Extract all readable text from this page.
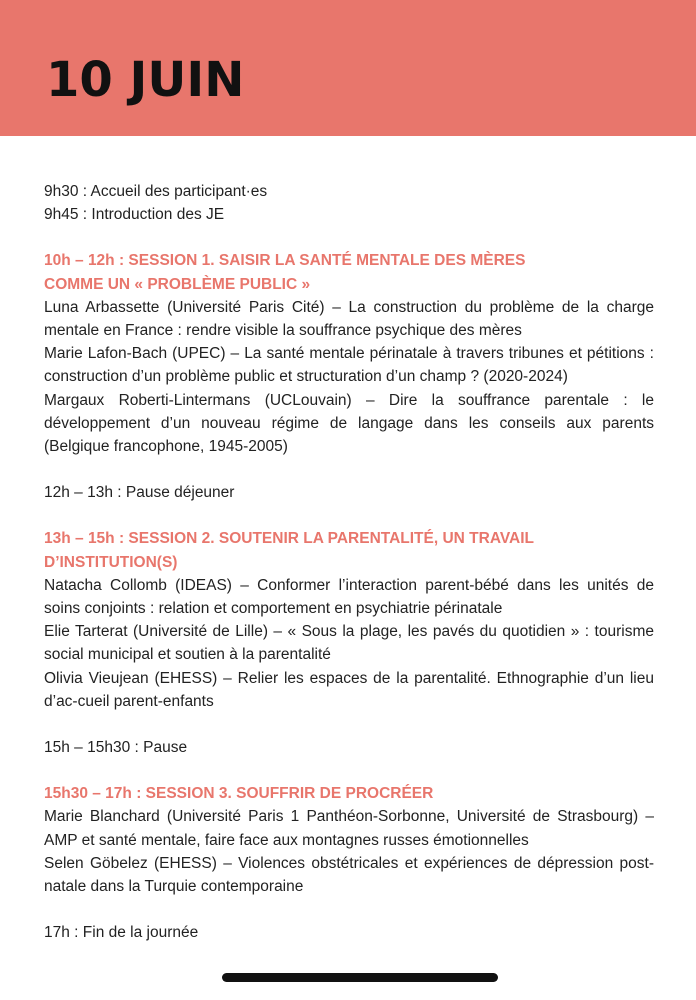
10 JUIN

9h30 : Accueil des participant·es

9h45 : Introduction des JE

10h – 12h : SESSION 1. SAISIR LA SANTÉ MENTALE DES MÈRES

COMME UN « PROBLÈME PUBLIC »

Luna Arbassette (Université Paris Cité) – La construction du problème de la charge mentale en France : rendre visible la souffrance psychique des mères

Marie Lafon-Bach (UPEC) – La santé mentale périnatale à travers tribunes et pétitions : construction d’un problème public et structuration d’un champ ? (2020-2024)

Margaux Roberti-Lintermans (UCLouvain) – Dire la souffrance parentale : le développement d’un nouveau régime de langage dans les conseils aux parents (Belgique francophone, 1945-2005)

12h – 13h : Pause déjeuner

13h – 15h : SESSION 2. SOUTENIR LA PARENTALITÉ, UN TRAVAIL

D’INSTITUTION(S)

Natacha Collomb (IDEAS) – Conformer l’interaction parent-bébé dans les unités de soins conjoints : relation et comportement en psychiatrie périnatale

Elie Tarterat (Université de Lille) – « Sous la plage, les pavés du quotidien » : tourisme social municipal et soutien à la parentalité

Olivia Vieujean (EHESS) – Relier les espaces de la parentalité. Ethnographie d’un lieu d’ac-cueil parent-enfants

15h – 15h30 : Pause

15h30 – 17h : SESSION 3. SOUFFRIR DE PROCRÉER

Marie Blanchard (Université Paris 1 Panthéon-Sorbonne, Université de Strasbourg) – AMP et santé mentale, faire face aux montagnes russes émotionnelles

Selen Göbelez (EHESS) – Violences obstétricales et expériences de dépression post-natale dans la Turquie contemporaine

17h : Fin de la journée
